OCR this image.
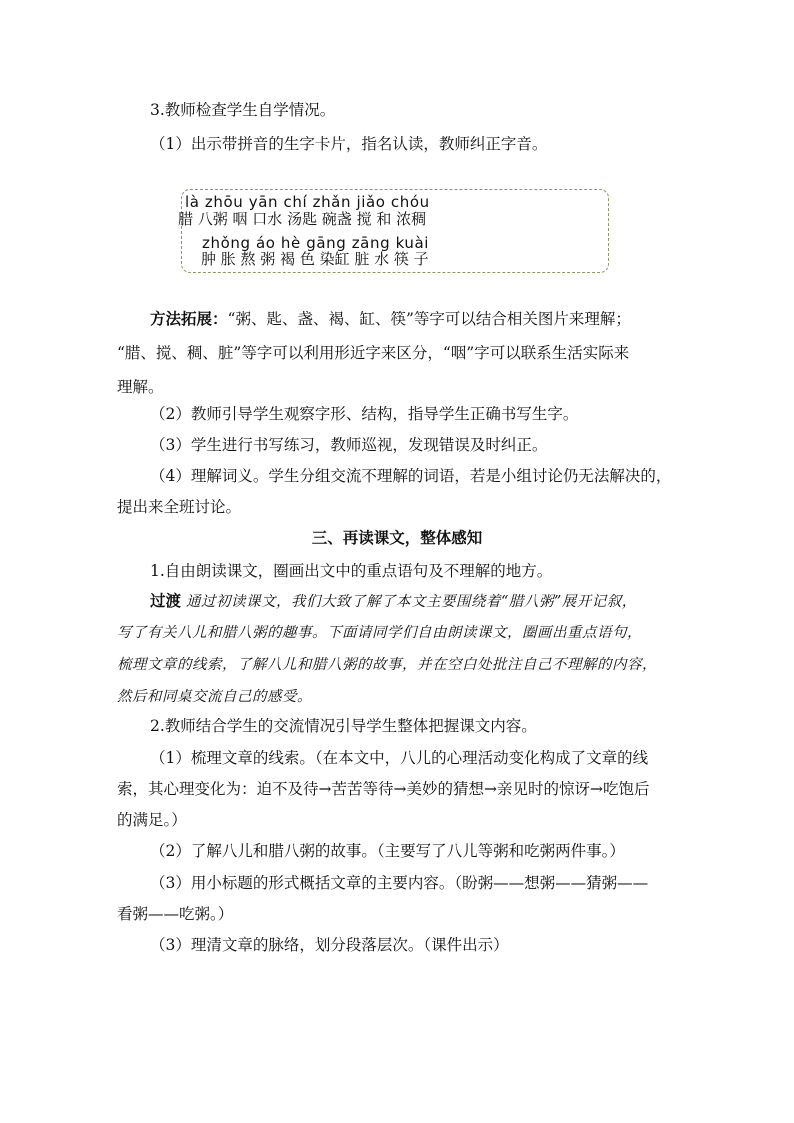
3.教师检查学生自学情况。
（1）出示带拼音的生字卡片，指名认读，教师纠正字音。
là zhōu yān chí zhǎn jiǎo chóu
腊 八粥 咽 口水 汤匙 碗盏 搅 和 浓稠
zhǒng áo hè gāng zāng kuài
肿 胀 熬 粥 褐 色 染缸 脏 水 筷 子
方法拓展：“粥、匙、盏、褐、缸、筷”等字可以结合相关图片来理解；
“腊、搅、稠、脏”等字可以利用形近字来区分，“咽”字可以联系生活实际来
理解。
（2）教师引导学生观察字形、结构，指导学生正确书写生字。
（3）学生进行书写练习，教师巡视，发现错误及时纠正。
（4）理解词义。学生分组交流不理解的词语，若是小组讨论仍无法解决的，
提出来全班讨论。
三、再读课文，整体感知
1.自由朗读课文，圈画出文中的重点语句及不理解的地方。
过渡 通过初读课文，我们大致了解了本文主要围绕着“腊八粥”展开记叙，
写了有关八儿和腊八粥的趣事。下面请同学们自由朗读课文，圈画出重点语句，
梳理文章的线索，了解八儿和腊八粥的故事，并在空白处批注自己不理解的内容，
然后和同桌交流自己的感受。
2.教师结合学生的交流情况引导学生整体把握课文内容。
（1）梳理文章的线索。（在本文中，八儿的心理活动变化构成了文章的线
索，其心理变化为：迫不及待→苦苦等待→美妙的猜想→亲见时的惊讶→吃饱后
的满足。）
（2）了解八儿和腊八粥的故事。（主要写了八儿等粥和吃粥两件事。）
（3）用小标题的形式概括文章的主要内容。（盼粥——想粥——猜粥——
看粥——吃粥。）
（3）理清文章的脉络，划分段落层次。（课件出示）
